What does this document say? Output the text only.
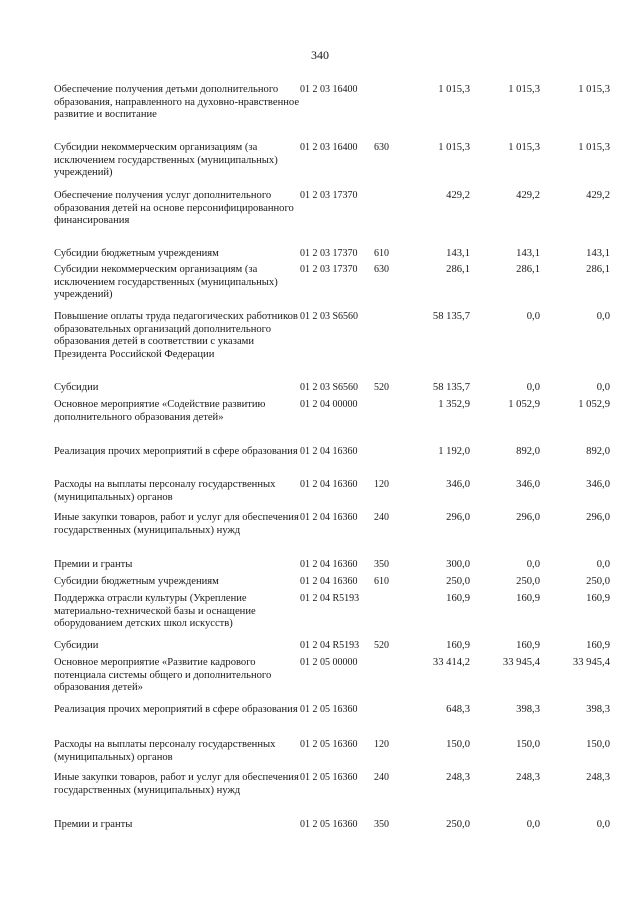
340
Обеспечение получения детьми дополнительного образования, направленного на духовно-нравственное развитие и воспитание	01 2 03 16400		1 015,3	1 015,3	1 015,3
Субсидии некоммерческим организациям (за исключением государственных (муниципальных) учреждений)	01 2 03 16400	630	1 015,3	1 015,3	1 015,3
Обеспечение получения услуг дополнительного образования детей на основе персонифицированного финансирования	01 2 03 17370		429,2	429,2	429,2
Субсидии бюджетным учреждениям	01 2 03 17370	610	143,1	143,1	143,1
Субсидии некоммерческим организациям (за исключением государственных (муниципальных) учреждений)	01 2 03 17370	630	286,1	286,1	286,1
Повышение оплаты труда педагогических работников образовательных организаций дополнительного образования детей в соответствии с указами Президента Российской Федерации	01 2 03 S6560		58 135,7	0,0	0,0
Субсидии	01 2 03 S6560	520	58 135,7	0,0	0,0
Основное мероприятие «Содействие развитию дополнительного образования детей»	01 2 04 00000		1 352,9	1 052,9	1 052,9
Реализация прочих мероприятий в сфере образования	01 2 04 16360		1 192,0	892,0	892,0
Расходы на выплаты персоналу государственных (муниципальных) органов	01 2 04 16360	120	346,0	346,0	346,0
Иные закупки товаров, работ и услуг для обеспечения государственных (муниципальных) нужд	01 2 04 16360	240	296,0	296,0	296,0
Премии и гранты	01 2 04 16360	350	300,0	0,0	0,0
Субсидии бюджетным учреждениям	01 2 04 16360	610	250,0	250,0	250,0
Поддержка отрасли культуры (Укрепление материально-технической базы и оснащение оборудованием детских школ искусств)	01 2 04 R5193		160,9	160,9	160,9
Субсидии	01 2 04 R5193	520	160,9	160,9	160,9
Основное мероприятие «Развитие кадрового потенциала системы общего и дополнительного образования детей»	01 2 05 00000		33 414,2	33 945,4	33 945,4
Реализация прочих мероприятий в сфере образования	01 2 05 16360		648,3	398,3	398,3
Расходы на выплаты персоналу государственных (муниципальных) органов	01 2 05 16360	120	150,0	150,0	150,0
Иные закупки товаров, работ и услуг для обеспечения государственных (муниципальных) нужд	01 2 05 16360	240	248,3	248,3	248,3
Премии и гранты	01 2 05 16360	350	250,0	0,0	0,0
